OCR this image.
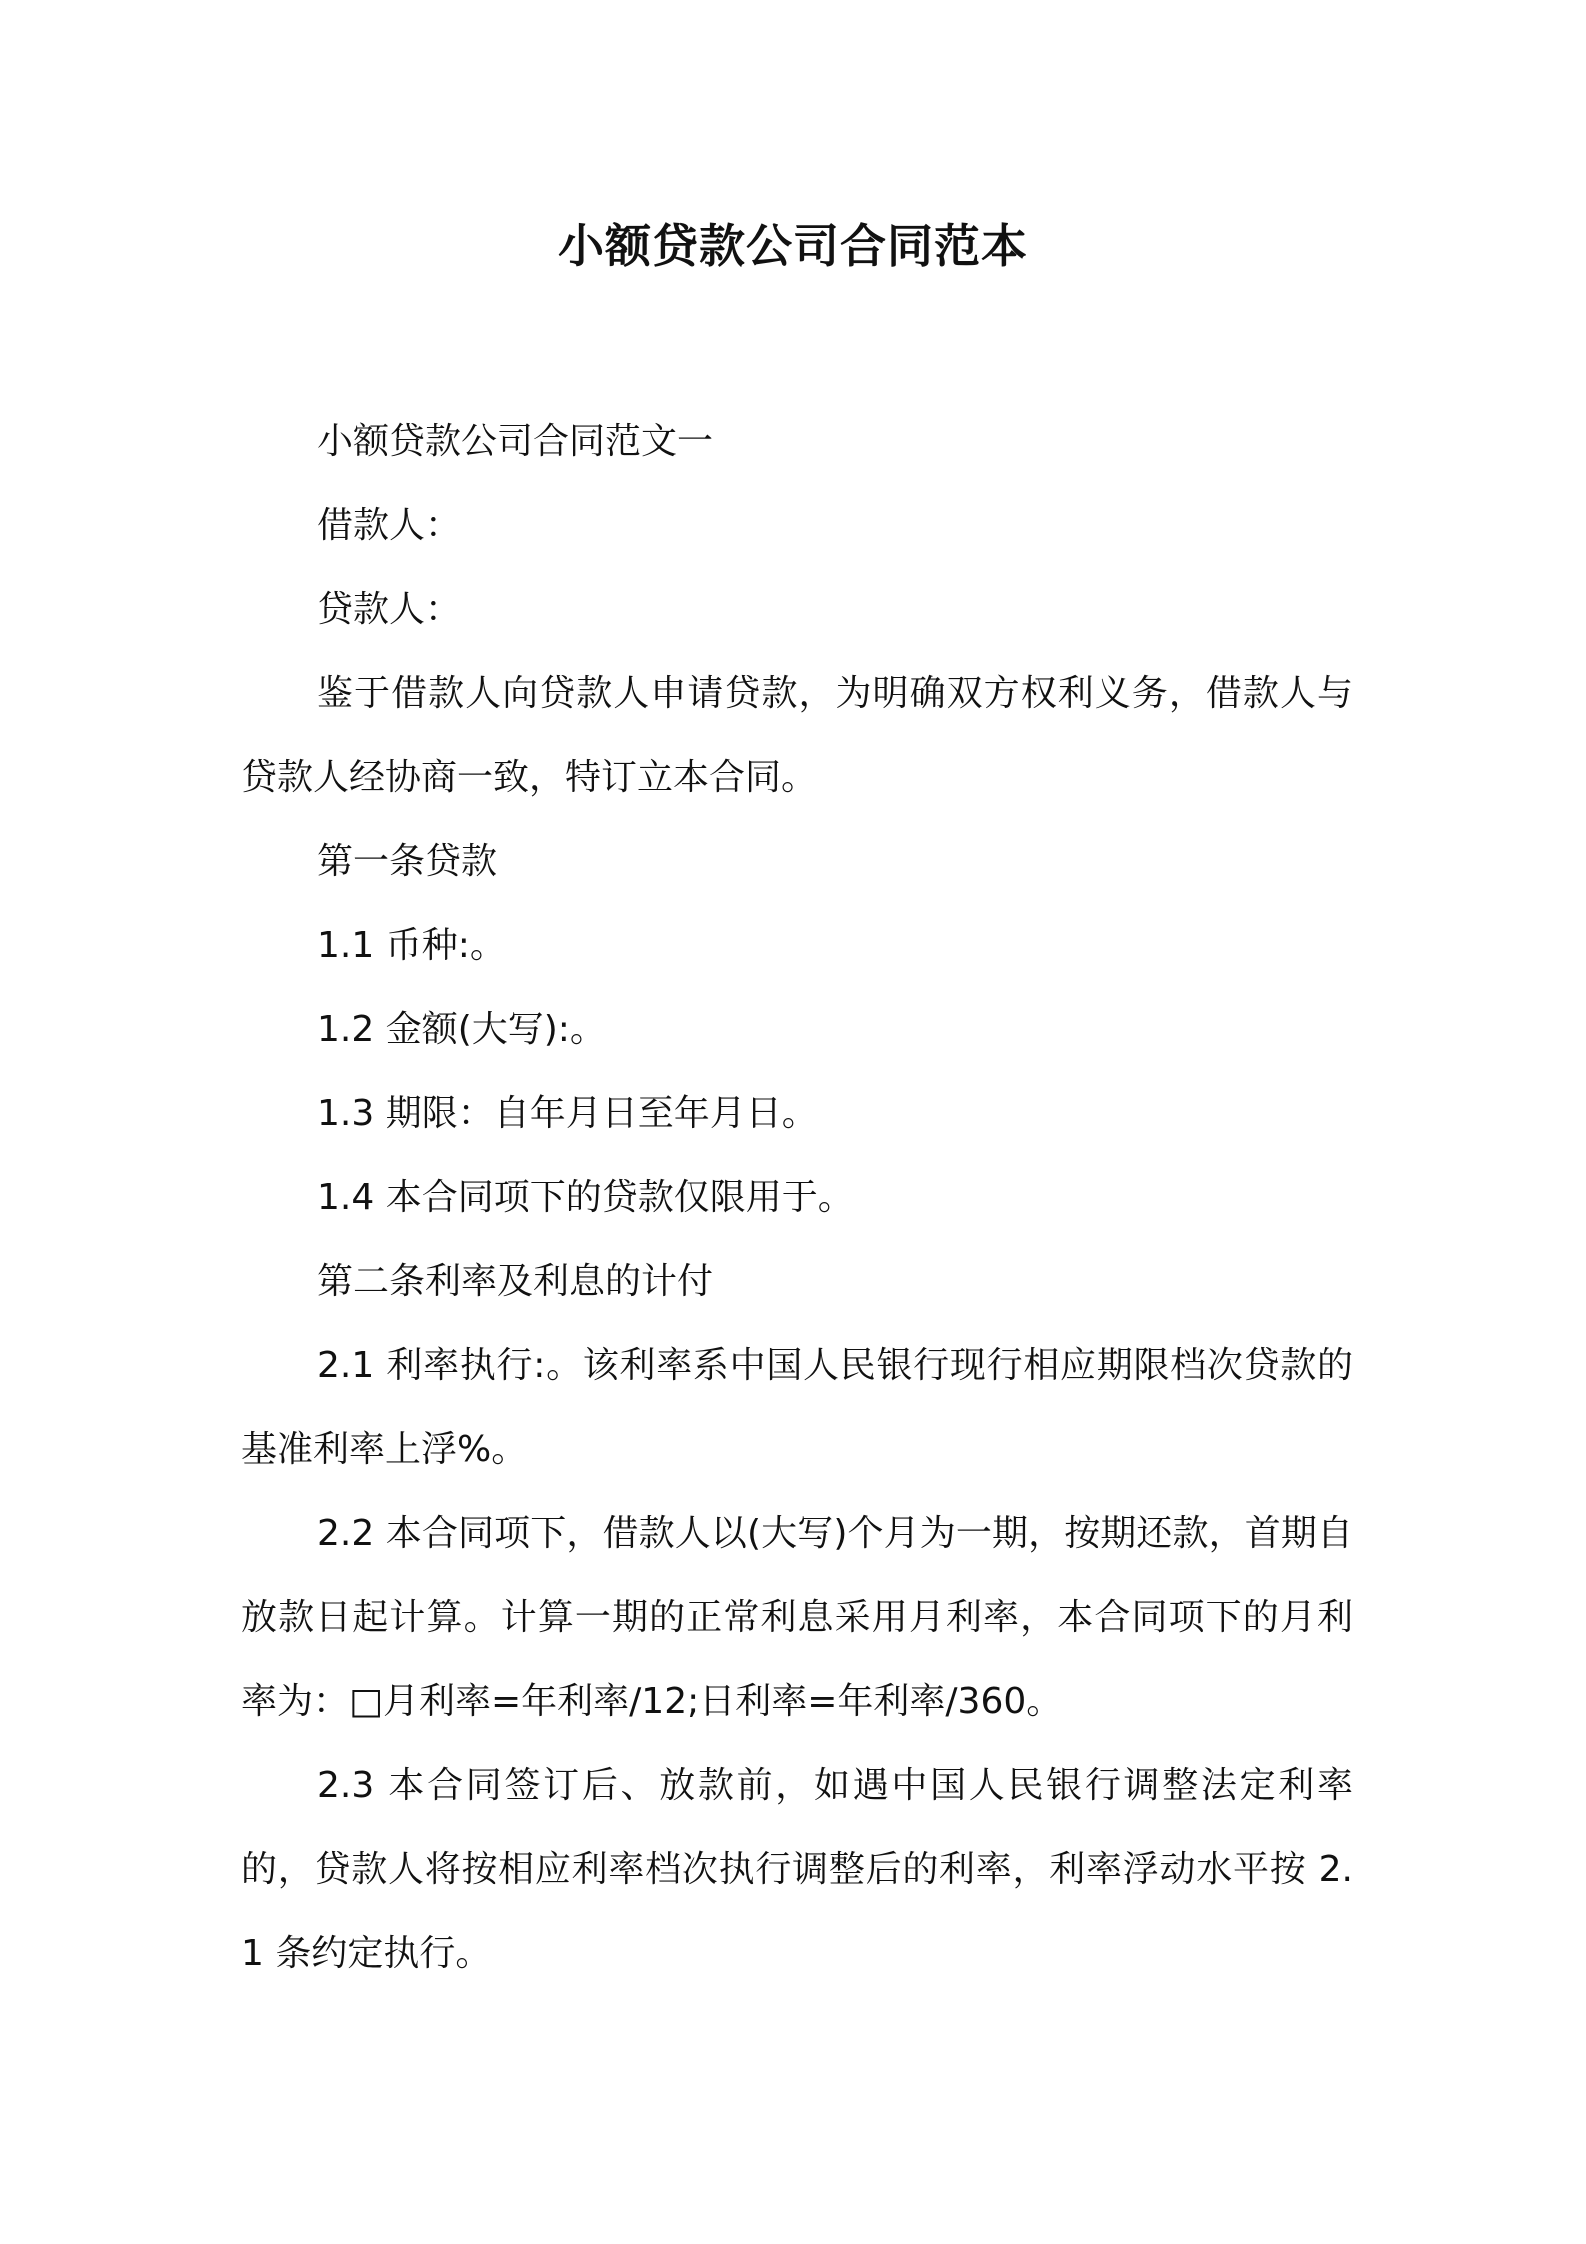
小额贷款公司合同范本

小额贷款公司合同范文一

借款人：

贷款人：

鉴于借款人向贷款人申请贷款，为明确双方权利义务，借款人与贷款人经协商一致，特订立本合同。

第一条贷款

1.1 币种:。

1.2 金额(大写):。

1.3 期限：自年月日至年月日。

1.4 本合同项下的贷款仅限用于。

第二条利率及利息的计付

2.1 利率执行:。该利率系中国人民银行现行相应期限档次贷款的基准利率上浮%。

2.2 本合同项下，借款人以(大写)个月为一期，按期还款，首期自放款日起计算。计算一期的正常利息采用月利率，本合同项下的月利率为：□月利率=年利率/12;日利率=年利率/360。

2.3 本合同签订后、放款前，如遇中国人民银行调整法定利率的，贷款人将按相应利率档次执行调整后的利率，利率浮动水平按 2.1 条约定执行。
